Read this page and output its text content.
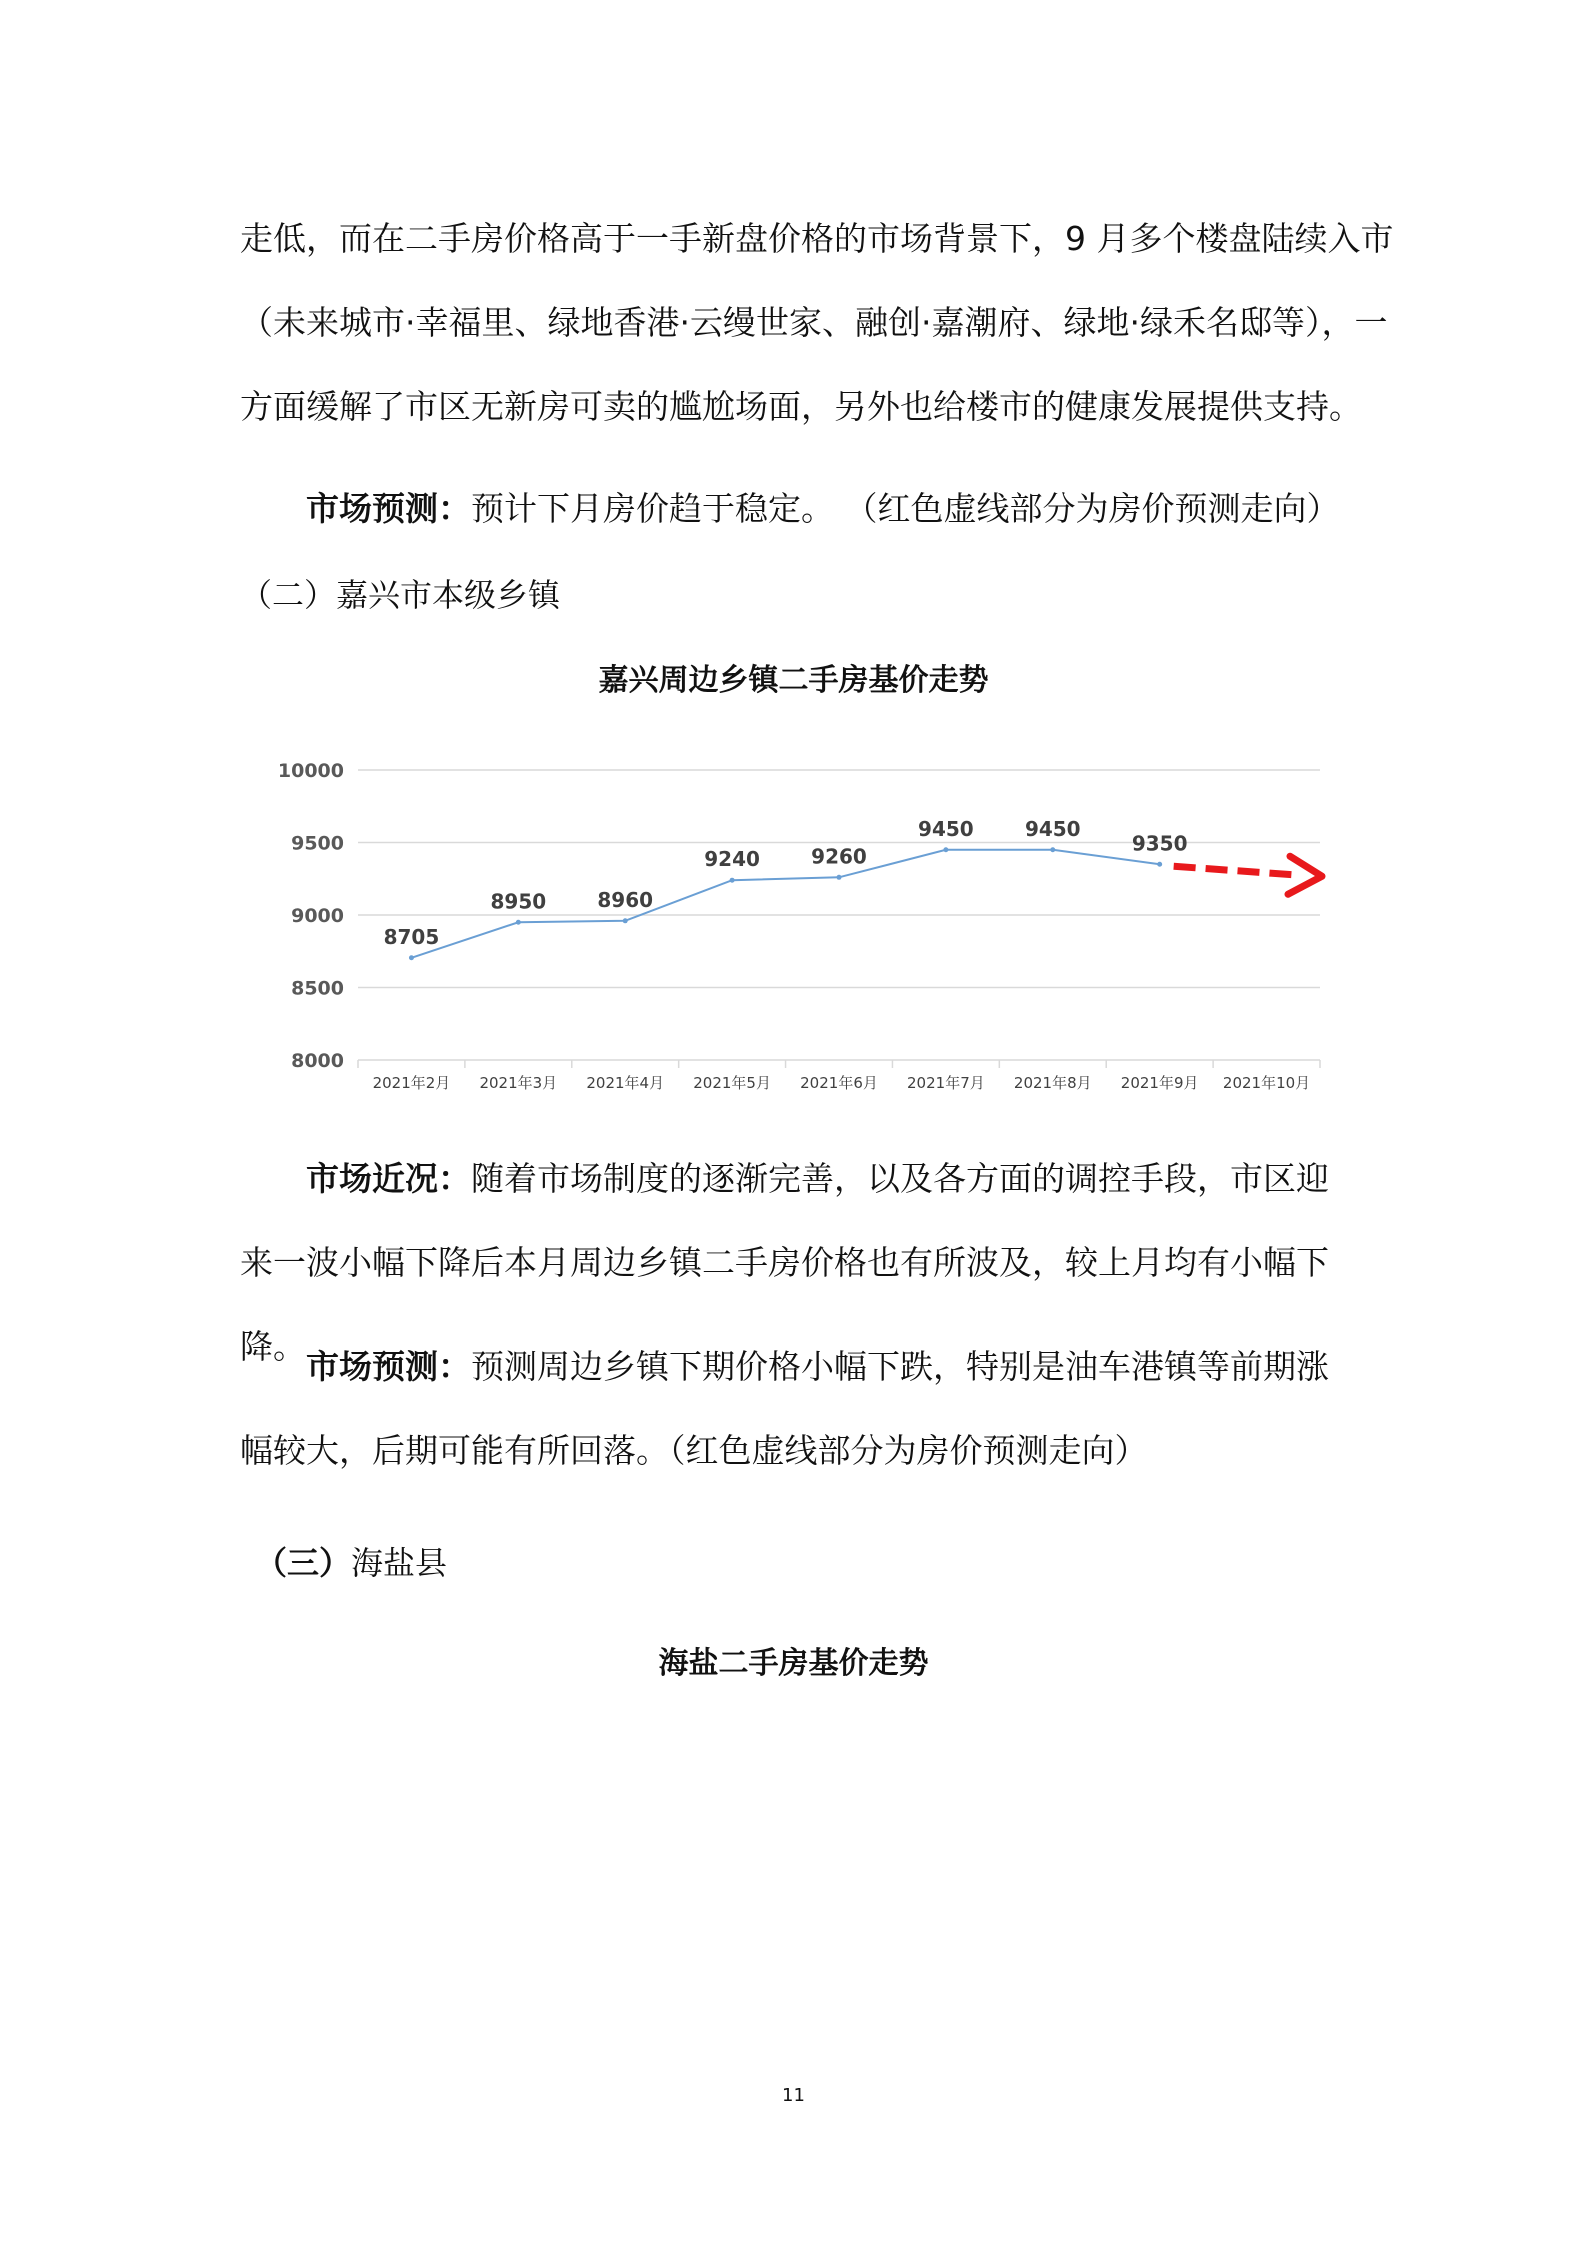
走低，而在二手房价格高于一手新盘价格的市场背景下，9 月多个楼盘陆续入市

（未来城市·幸福里、绿地香港·云缦世家、融创·嘉潮府、绿地·绿禾名邸等），一

方面缓解了市区无新房可卖的尴尬场面，另外也给楼市的健康发展提供支持。

市场预测：预计下月房价趋于稳定。 （红色虚线部分为房价预测走向）

（二）嘉兴市本级乡镇
嘉兴周边乡镇二手房基价走势
10000
9500
9000
8500
8000
2021年2月 2021年3月 2021年4月 2021年5月 2021年6月 2021年7月 2021年8月 2021年9月 2021年10月
8705
8950	8960
9240	9260
9450	9450
9350

市场近况：随着市场制度的逐渐完善，以及各方面的调控手段，市区迎来一波小幅下降后本月周边乡镇二手房价格也有所波及，较上月均有小幅下降。

市场预测：预测周边乡镇下期价格小幅下跌，特别是油车港镇等前期涨幅较大，后期可能有所回落。（红色虚线部分为房价预测走向）

（三）海盐县
海盐二手房基价走势
11
